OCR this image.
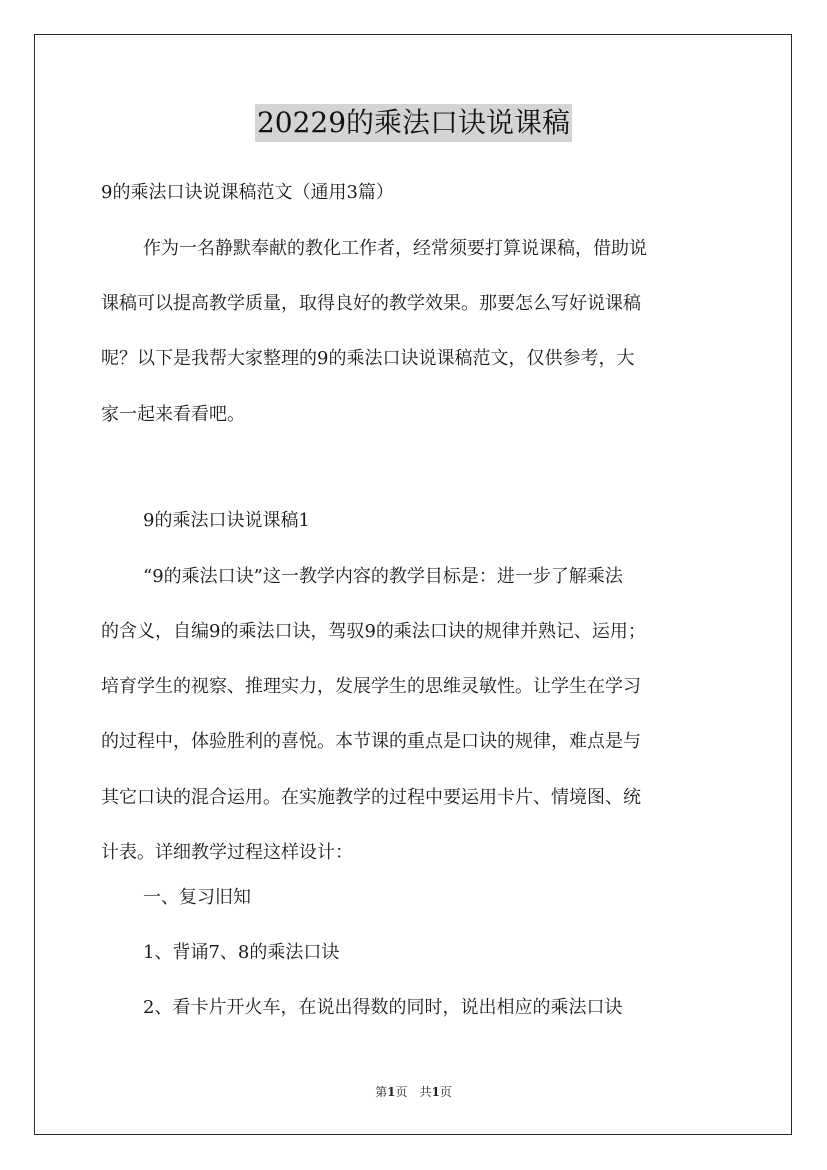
20229的乘法口诀说课稿
9的乘法口诀说课稿范文（通用3篇）
作为一名静默奉献的教化工作者，经常须要打算说课稿，借助说
课稿可以提高教学质量，取得良好的教学效果。那要怎么写好说课稿
呢？以下是我帮大家整理的9的乘法口诀说课稿范文，仅供参考，大
家一起来看看吧。
9的乘法口诀说课稿1
“9的乘法口诀”这一教学内容的教学目标是：进一步了解乘法
的含义，自编9的乘法口诀，驾驭9的乘法口诀的规律并熟记、运用；
培育学生的视察、推理实力，发展学生的思维灵敏性。让学生在学习
的过程中，体验胜利的喜悦。本节课的重点是口诀的规律，难点是与
其它口诀的混合运用。在实施教学的过程中要运用卡片、情境图、统
计表。详细教学过程这样设计：
一、复习旧知
1、背诵7、8的乘法口诀
2、看卡片开火车，在说出得数的同时，说出相应的乘法口诀
第1页　共1页
